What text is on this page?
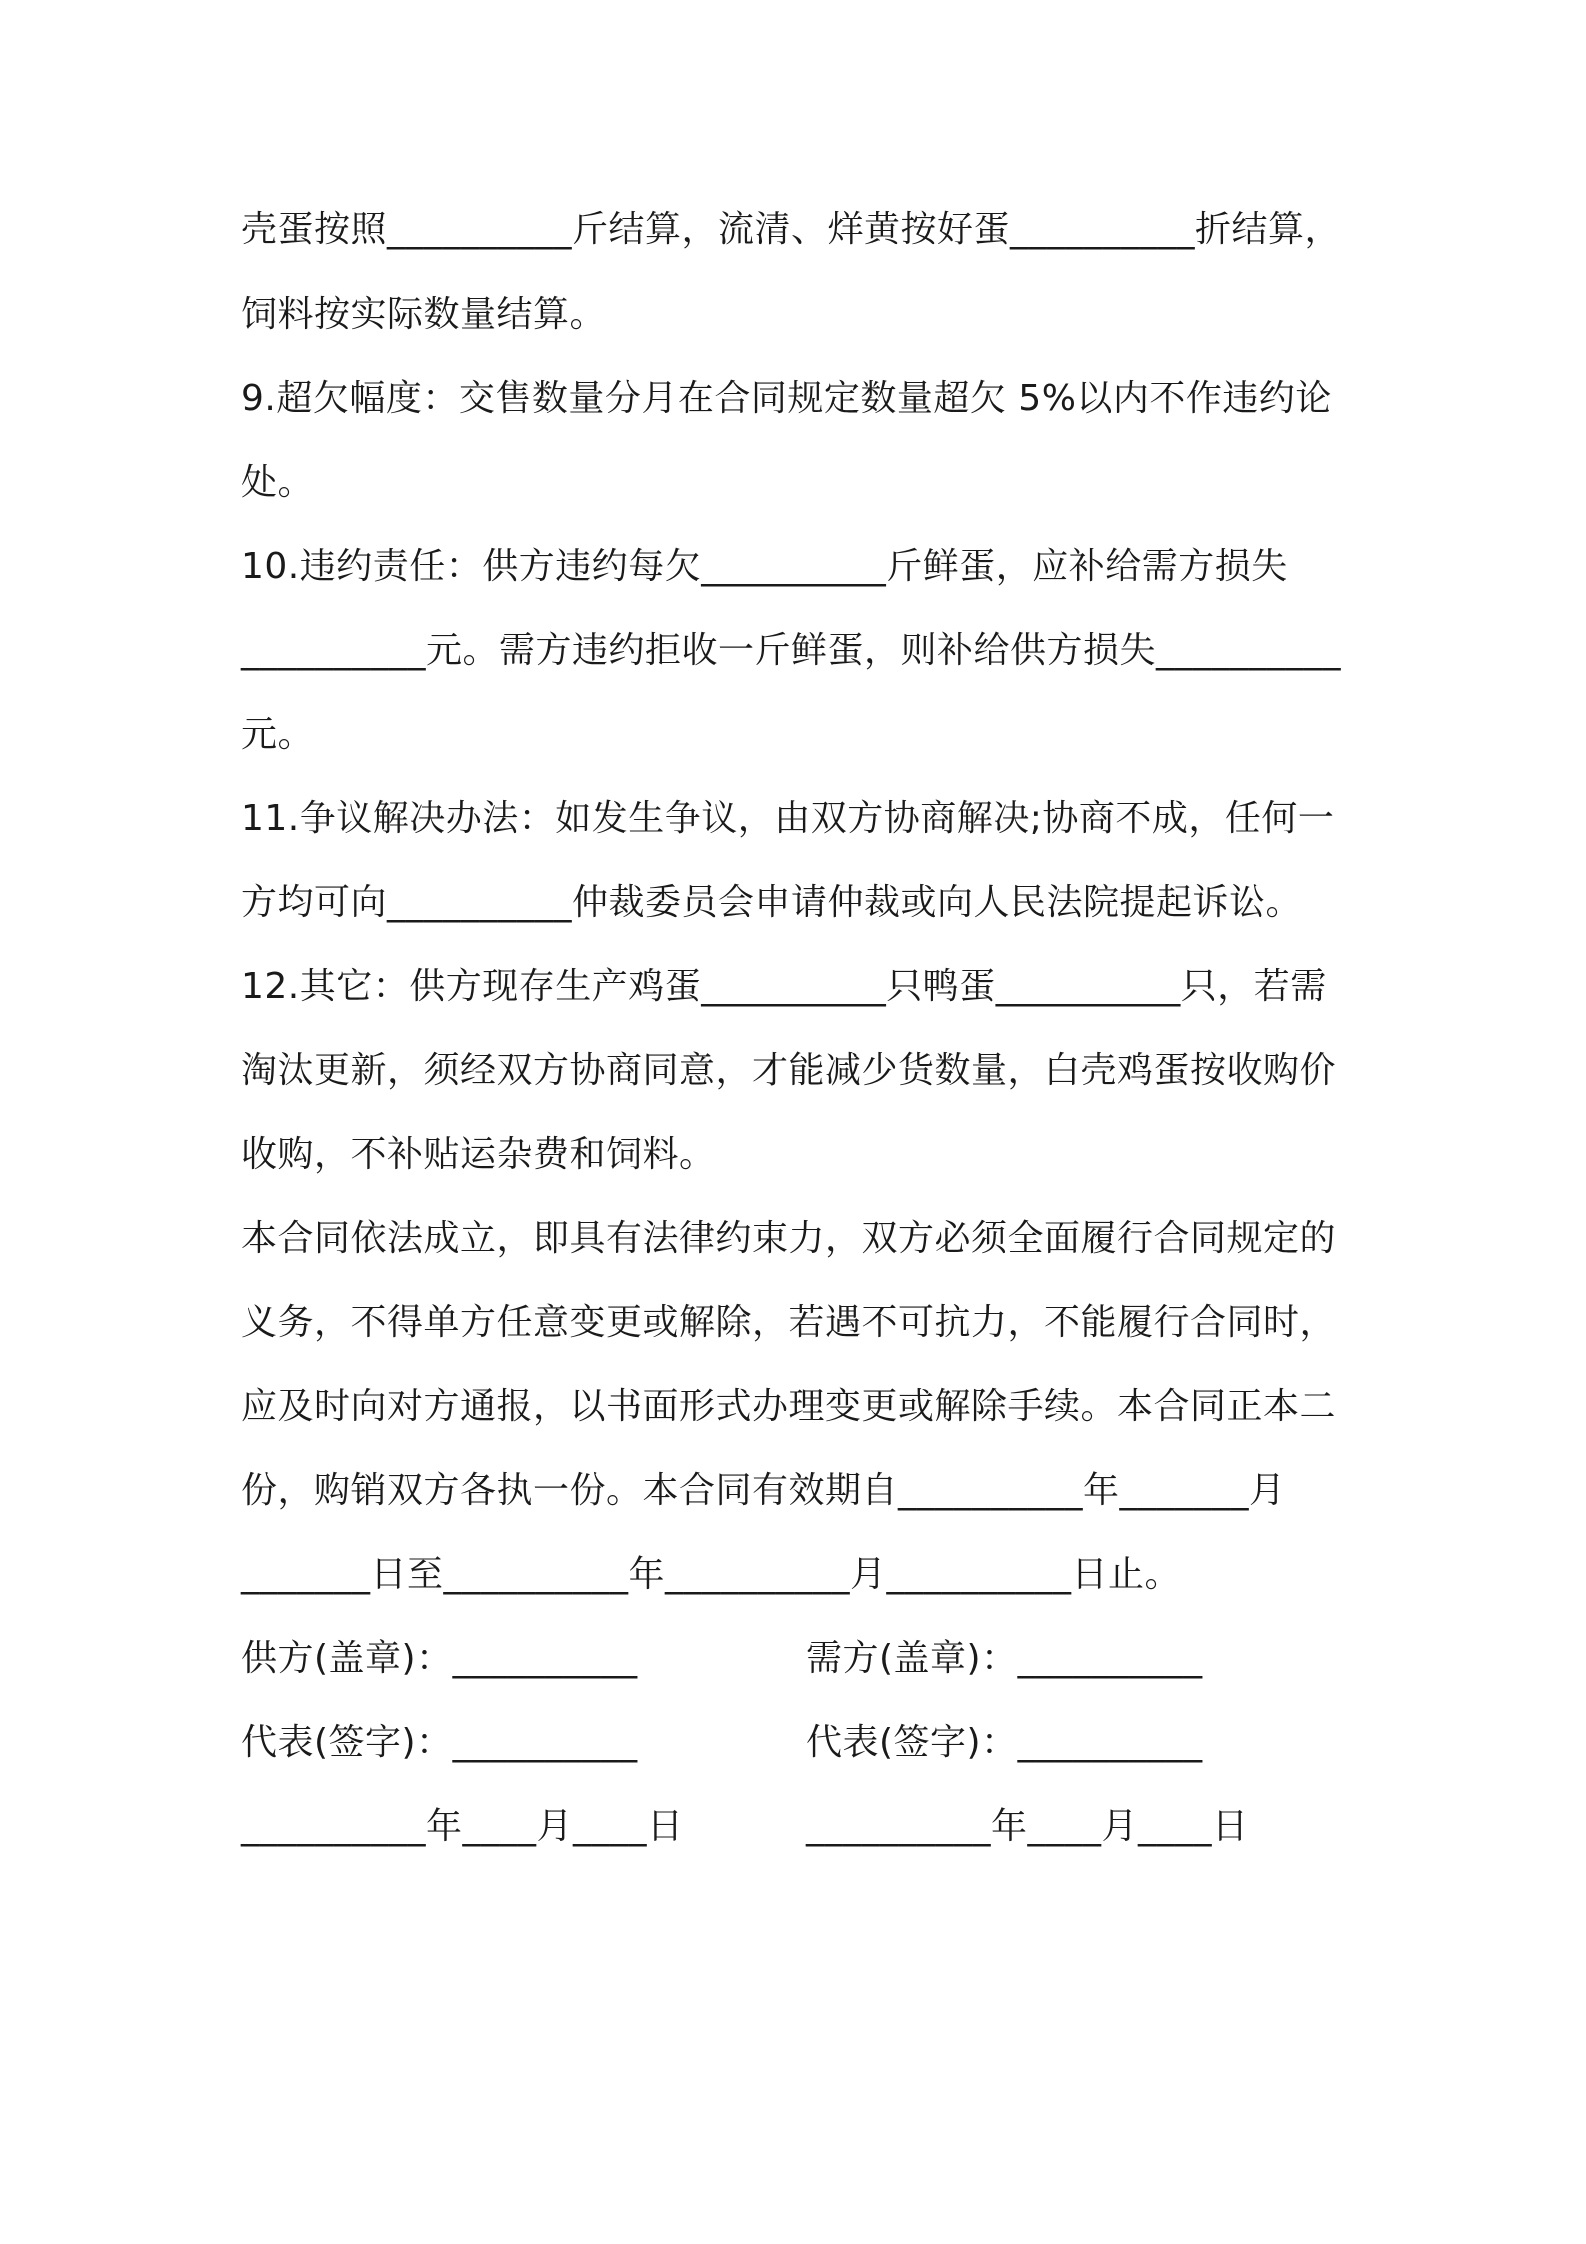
壳蛋按照__________斤结算，流清、烊黄按好蛋__________折结算，
饲料按实际数量结算。
9.超欠幅度：交售数量分月在合同规定数量超欠 5%以内不作违约论
处。
10.违约责任：供方违约每欠__________斤鲜蛋，应补给需方损失
__________元。需方违约拒收一斤鲜蛋，则补给供方损失__________
元。
11.争议解决办法：如发生争议，由双方协商解决;协商不成，任何一
方均可向__________仲裁委员会申请仲裁或向人民法院提起诉讼。
12.其它：供方现存生产鸡蛋__________只鸭蛋__________只，若需
淘汰更新，须经双方协商同意，才能减少货数量，白壳鸡蛋按收购价
收购，不补贴运杂费和饲料。
本合同依法成立，即具有法律约束力，双方必须全面履行合同规定的
义务，不得单方任意变更或解除，若遇不可抗力，不能履行合同时，
应及时向对方通报，以书面形式办理变更或解除手续。本合同正本二
份，购销双方各执一份。本合同有效期自__________年_______月
_______日至__________年__________月__________日止。
供方(盖章)：__________	需方(盖章)：__________
代表(签字)：__________	代表(签字)：__________
__________年____月____日	__________年____月____日
